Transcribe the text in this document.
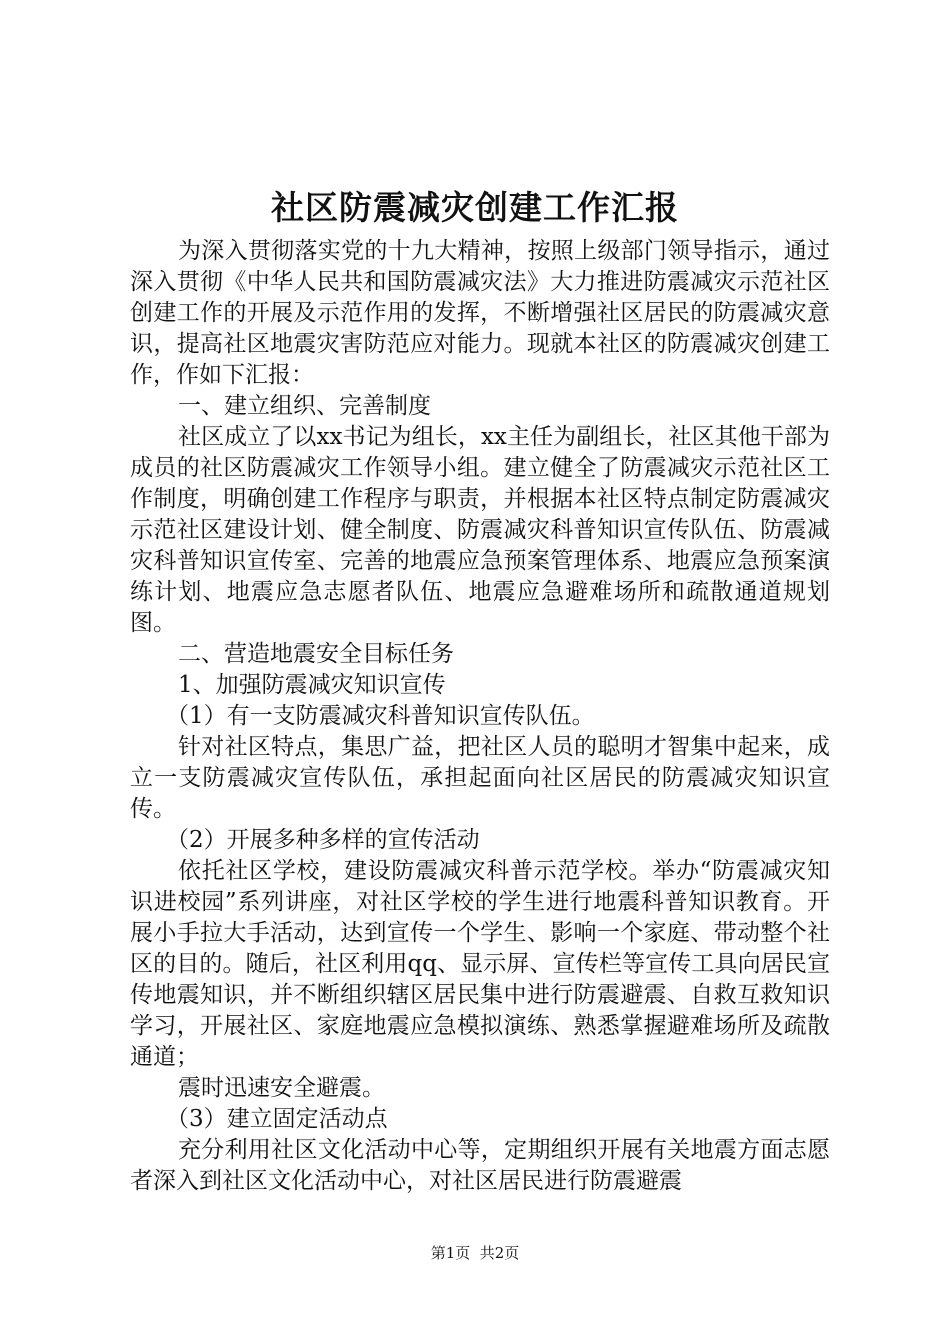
社区防震减灾创建工作汇报

为深入贯彻落实党的十九大精神，按照上级部门领导指示，通过深入贯彻《中华人民共和国防震减灾法》大力推进防震减灾示范社区创建工作的开展及示范作用的发挥，不断增强社区居民的防震减灾意识，提高社区地震灾害防范应对能力。现就本社区的防震减灾创建工作，作如下汇报：

一、建立组织、完善制度

社区成立了以xx书记为组长，xx主任为副组长，社区其他干部为成员的社区防震减灾工作领导小组。建立健全了防震减灾示范社区工作制度，明确创建工作程序与职责，并根据本社区特点制定防震减灾示范社区建设计划、健全制度、防震减灾科普知识宣传队伍、防震减灾科普知识宣传室、完善的地震应急预案管理体系、地震应急预案演练计划、地震应急志愿者队伍、地震应急避难场所和疏散通道规划图。

二、营造地震安全目标任务

1、加强防震减灾知识宣传

（1）有一支防震减灾科普知识宣传队伍。

针对社区特点，集思广益，把社区人员的聪明才智集中起来，成立一支防震减灾宣传队伍，承担起面向社区居民的防震减灾知识宣传。

（2）开展多种多样的宣传活动

依托社区学校，建设防震减灾科普示范学校。举办“防震减灾知识进校园”系列讲座，对社区学校的学生进行地震科普知识教育。开展小手拉大手活动，达到宣传一个学生、影响一个家庭、带动整个社区的目的。随后，社区利用qq、显示屏、宣传栏等宣传工具向居民宣传地震知识，并不断组织辖区居民集中进行防震避震、自救互救知识学习，开展社区、家庭地震应急模拟演练、熟悉掌握避难场所及疏散通道；

震时迅速安全避震。

（3）建立固定活动点

充分利用社区文化活动中心等，定期组织开展有关地震方面志愿者深入到社区文化活动中心，对社区居民进行防震避震

第1页  共2页
